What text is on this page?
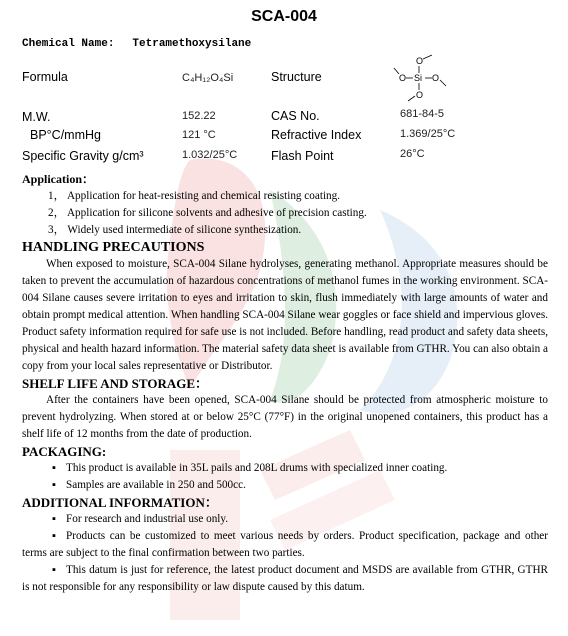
SCA-004
Chemical Name: Tetramethoxysilane
Formula	C₄H₁₂O₄Si	Structure	Si
O
O	O
O
M.W.	152.22	CAS No.	681-84-5
BP°C/mmHg	121 °C	Refractive Index	1.369/25°C
Specific Gravity g/cm³	1.032/25°C	Flash Point	26°C
Application：
1， Application for heat-resisting and chemical resisting coating.
2， Application for silicone solvents and adhesive of precision casting.
3， Widely used intermediate of silicone synthesization.
HANDLING PRECAUTIONS

When exposed to moisture, SCA-004 Silane hydrolyses, generating methanol. Appropriate measures should be taken to prevent the accumulation of hazardous concentrations of methanol fumes in the working environment. SCA-004 Silane causes severe irritation to eyes and irritation to skin, flush immediately with large amounts of water and obtain prompt medical attention. When handling SCA-004 Silane wear goggles or face shield and impervious gloves. Product safety information required for safe use is not included. Before handling, read product and safety data sheets, physical and health hazard information. The material safety data sheet is available from GTHR. You can also obtain a copy from your local sales representative or Distributor.

SHELF LIFE AND STORAGE：

After the containers have been opened, SCA-004 Silane should be protected from atmospheric moisture to prevent hydrolyzing. When stored at or below 25°C (77°F) in the original unopened containers, this product has a shelf life of 12 months from the date of production.

PACKAGING:

▪ This product is available in 35L pails and 208L drums with specialized inner coating.

▪ Samples are available in 250 and 500cc.

ADDITIONAL INFORMATION：

▪ For research and industrial use only.

▪ Products can be customized to meet various needs by orders. Product specification, package and other terms are subject to the final confirmation between two parties.

▪ This datum is just for reference, the latest product document and MSDS are available from GTHR, GTHR is not responsible for any responsibility or law dispute caused by this datum.
